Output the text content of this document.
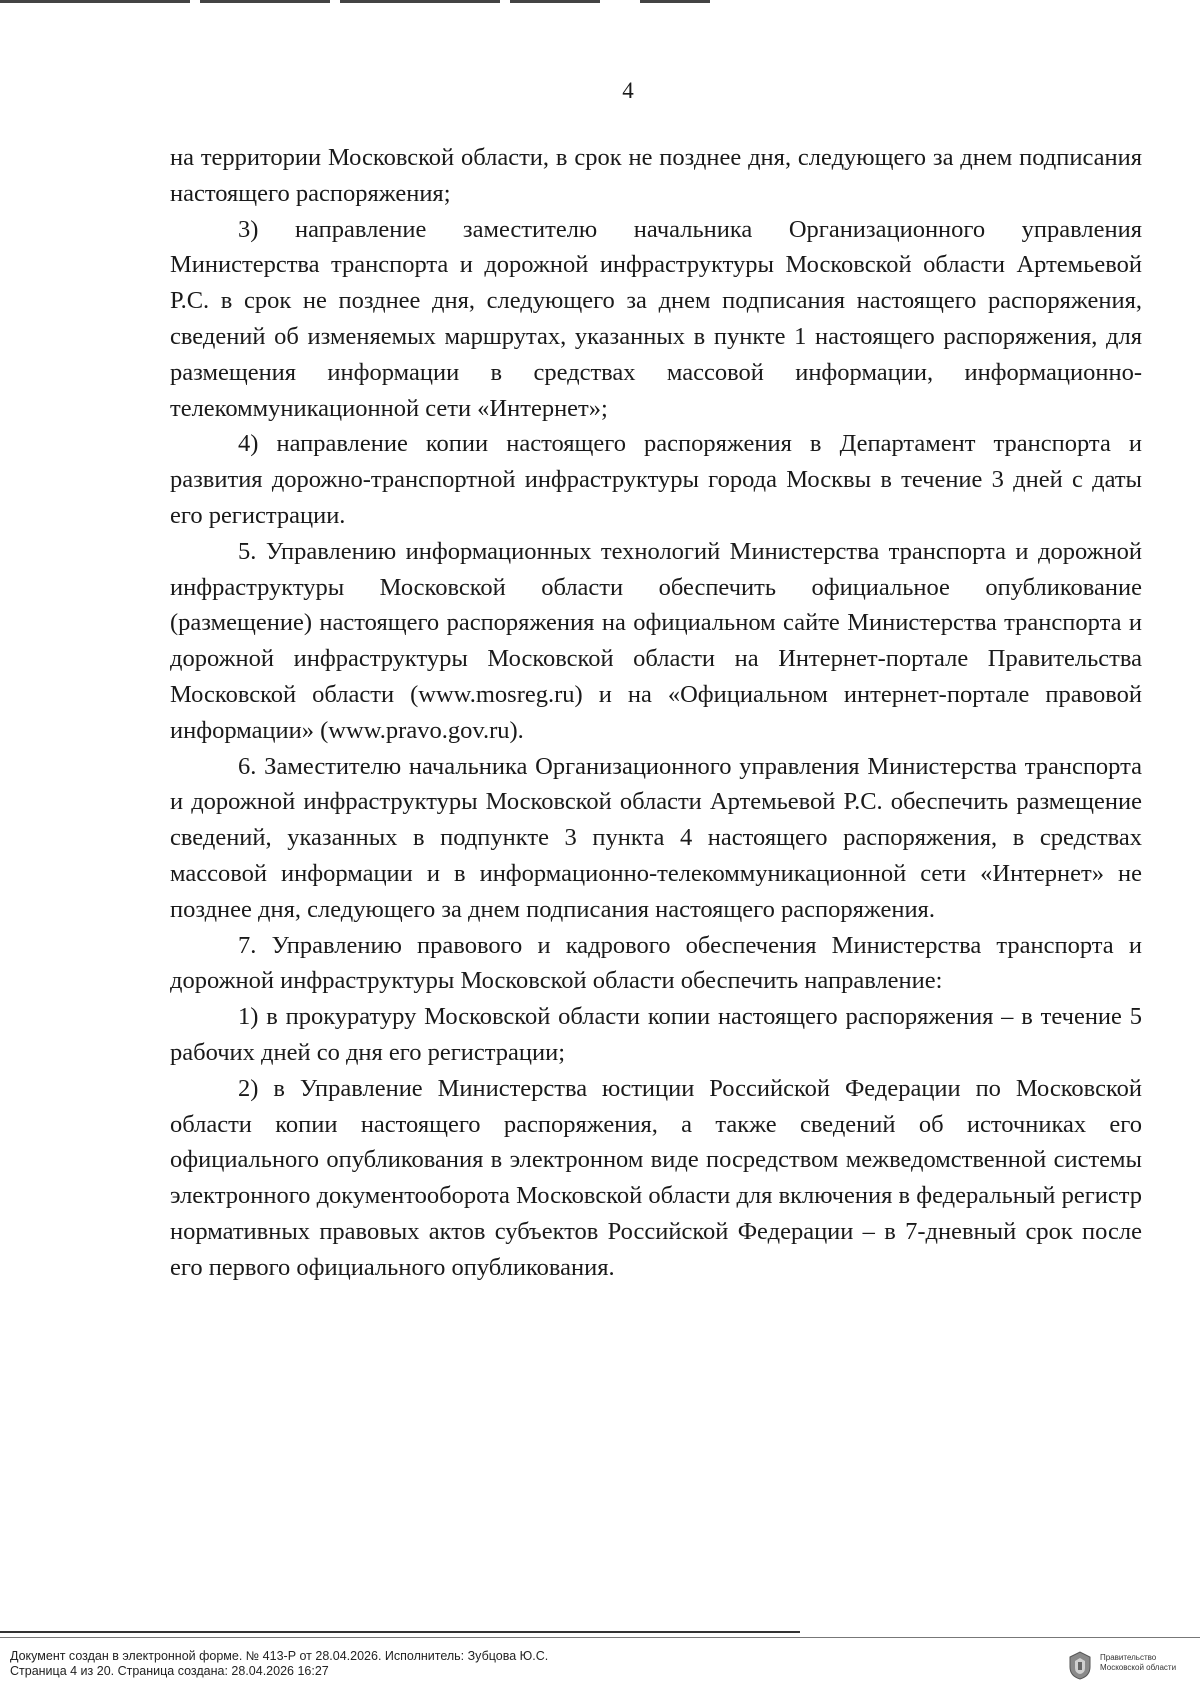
4

на территории Московской области, в срок не позднее дня, следующего за днем подписания настоящего распоряжения;

3) направление заместителю начальника Организационного управления Министерства транспорта и дорожной инфраструктуры Московской области Артемьевой Р.С. в срок не позднее дня, следующего за днем подписания настоящего распоряжения, сведений об изменяемых маршрутах, указанных в пункте 1 настоящего распоряжения, для размещения информации в средствах массовой информации, информационно-телекоммуникационной сети «Интернет»;

4) направление копии настоящего распоряжения в Департамент транспорта и развития дорожно-транспортной инфраструктуры города Москвы в течение 3 дней с даты его регистрации.

5. Управлению информационных технологий Министерства транспорта и дорожной инфраструктуры Московской области обеспечить официальное опубликование (размещение) настоящего распоряжения на официальном сайте Министерства транспорта и дорожной инфраструктуры Московской области на Интернет-портале Правительства Московской области (www.mosreg.ru) и на «Официальном интернет-портале правовой информации» (www.pravo.gov.ru).

6. Заместителю начальника Организационного управления Министерства транспорта и дорожной инфраструктуры Московской области Артемьевой Р.С. обеспечить размещение сведений, указанных в подпункте 3 пункта 4 настоящего распоряжения, в средствах массовой информации и в информационно-телекоммуникационной сети «Интернет» не позднее дня, следующего за днем подписания настоящего распоряжения.

7. Управлению правового и кадрового обеспечения Министерства транспорта и дорожной инфраструктуры Московской области обеспечить направление:

1) в прокуратуру Московской области копии настоящего распоряжения – в течение 5 рабочих дней со дня его регистрации;

2) в Управление Министерства юстиции Российской Федерации по Московской области копии настоящего распоряжения, а также сведений об источниках его официального опубликования в электронном виде посредством межведомственной системы электронного документооборота Московской области для включения в федеральный регистр нормативных правовых актов субъектов Российской Федерации – в 7-дневный срок после его первого официального опубликования.

Документ создан в электронной форме. № 413-Р от 28.04.2026. Исполнитель: Зубцова Ю.С.
Страница 4 из 20. Страница создана: 28.04.2026 16:27
Правительство
Московской области
